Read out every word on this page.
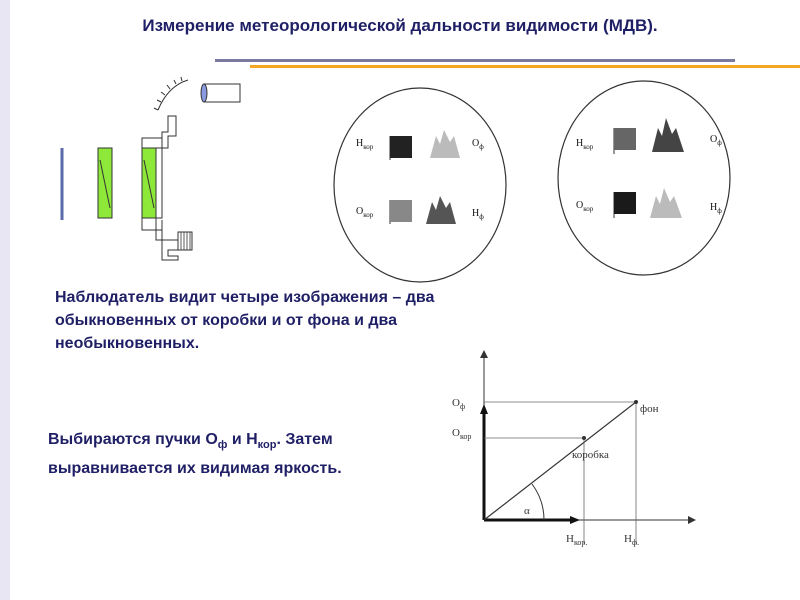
Измерение метеорологической дальности видимости (МДВ).
$Н_{кор}$	$О_ф$
$О_{кор}$	$Н_ф$
$Н_{кор}$
$О_ф$
$О_{кор}$	$Н_ф$
Наблюдатель видит четыре изображения – два обыкновенных от коробки и от фона и два необыкновенных.
Выбираются пучки $О_ф$ и $Н_{кор}$. Затем выравнивается их видимая яркость.
$О_ф$
$О_{кор}$
$Н_{кор.}$	$Н_{ф.}$
фон
коробка
α
